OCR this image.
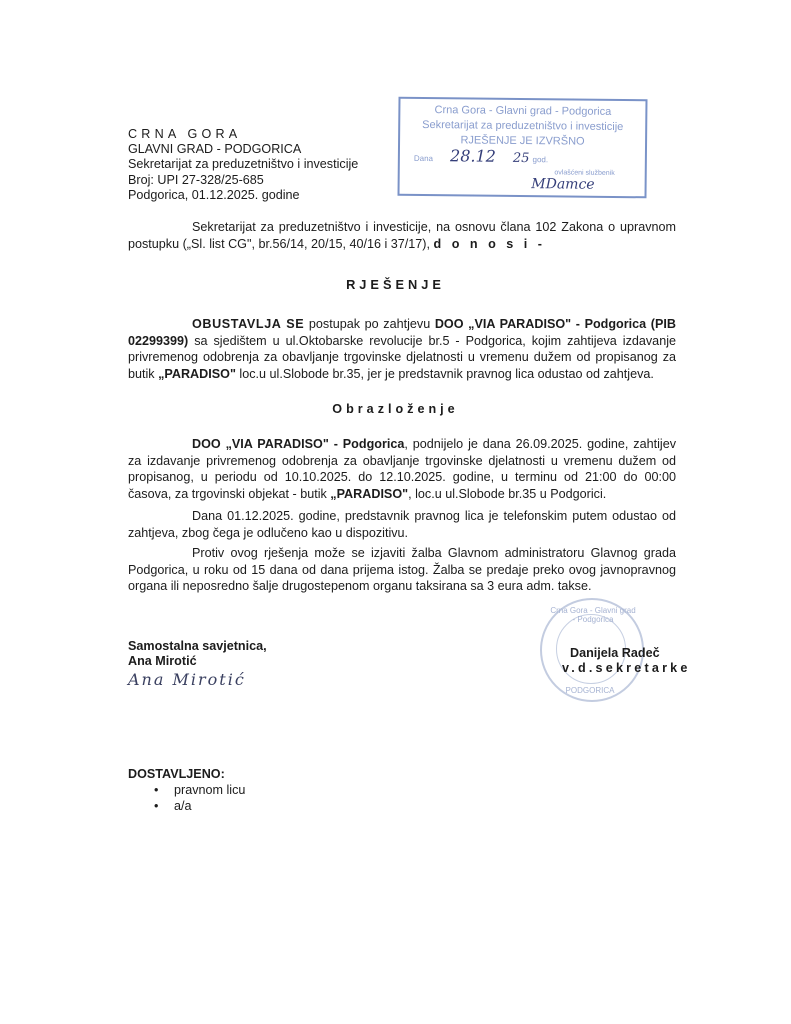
CRNA GORA
GLAVNI GRAD - PODGORICA
Sekretarijat za preduzetništvo i investicije
Broj: UPI 27-328/25-685
Podgorica, 01.12.2025. godine
Crna Gora - Glavni grad - Podgorica
Sekretarijat za preduzetništvo i investicije
RJEŠENJE JE IZVRŠNO
Dana 28.12 25 god.
ovlašćeni službenik
MDamce
Sekretarijat za preduzetništvo i investicije, na osnovu člana 102 Zakona o upravnom postupku („Sl. list CG", br.56/14, 20/15, 40/16 i 37/17), d o n o s i -
RJEŠENJE
OBUSTAVLJA SE postupak po zahtjevu DOO „VIA PARADISO" - Podgorica (PIB 02299399) sa sjedištem u ul.Oktobarske revolucije br.5 - Podgorica, kojim zahtijeva izdavanje privremenog odobrenja za obavljanje trgovinske djelatnosti u vremenu dužem od propisanog za butik „PARADISO" loc.u ul.Slobode br.35, jer je predstavnik pravnog lica odustao od zahtjeva.
Obrazloženje
DOO „VIA PARADISO" - Podgorica, podnijelo je dana 26.09.2025. godine, zahtijev za izdavanje privremenog odobrenja za obavljanje trgovinske djelatnosti u vremenu dužem od propisanog, u periodu od 10.10.2025. do 12.10.2025. godine, u terminu od 21:00 do 00:00 časova, za trgovinski objekat - butik „PARADISO", loc.u ul.Slobode br.35 u Podgorici.
Dana 01.12.2025. godine, predstavnik pravnog lica je telefonskim putem odustao od zahtjeva, zbog čega je odlučeno kao u dispozitivu.
Protiv ovog rješenja može se izjaviti žalba Glavnom administratoru Glavnog grada Podgorica, u roku od 15 dana od dana prijema istog. Žalba se predaje preko ovog javnopravnog organa ili neposredno šalje drugostepenom organu taksirana sa 3 eura adm. takse.
Samostalna savjetnica,
Ana Mirotić
Ana Mirotić
Crna Gora - Glavni grad - Podgorica
PODGORICA
Danijela Radeč
v.d.sekretarke
DOSTAVLJENO:
• pravnom licu
• a/a
